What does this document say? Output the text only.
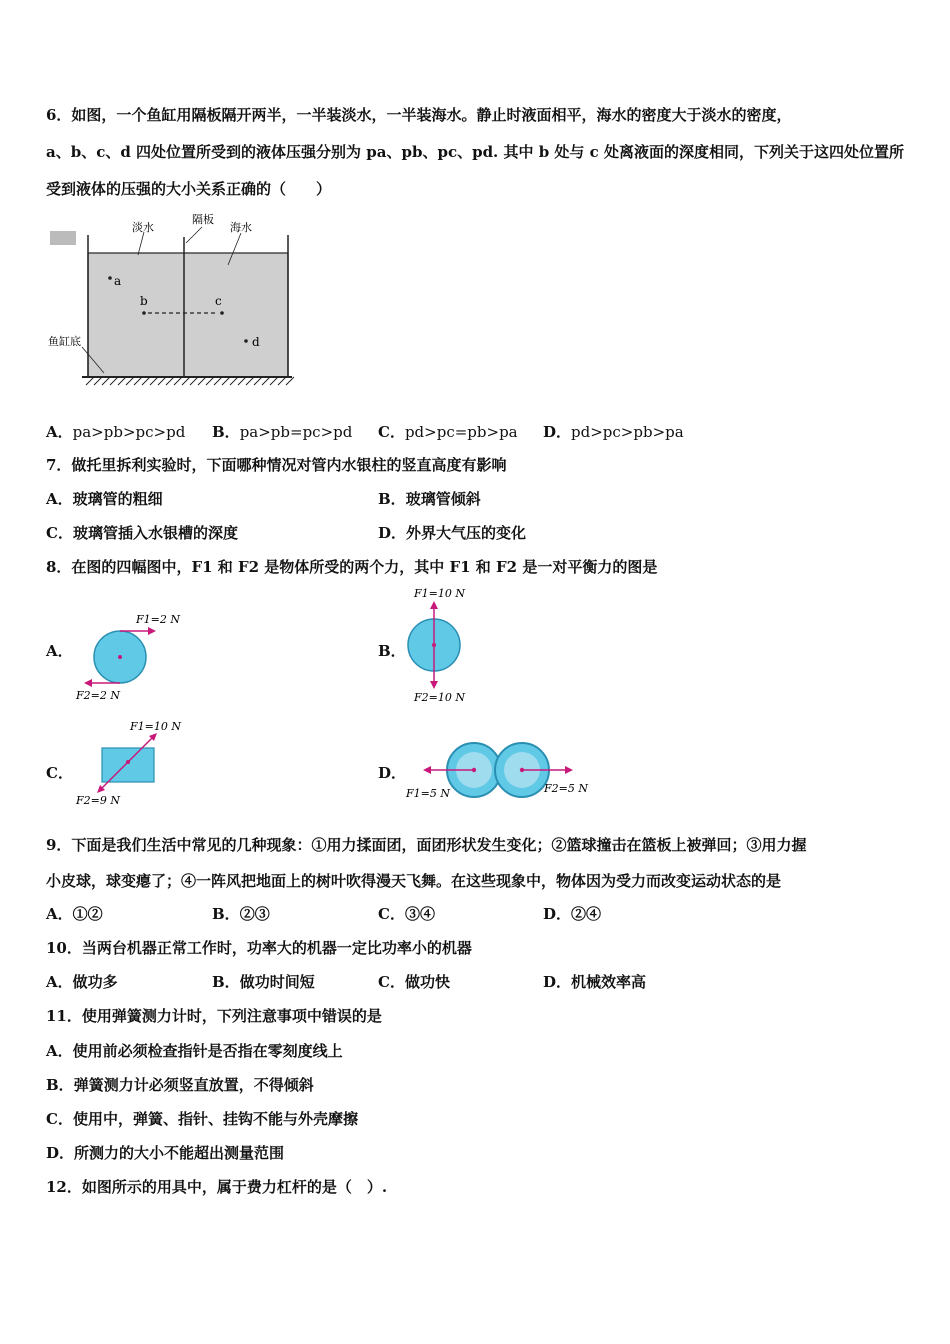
6．如图，一个鱼缸用隔板隔开两半，一半装淡水，一半装海水。静止时液面相平，海水的密度大于淡水的密度，
a、b、c、d 四处位置所受到的液体压强分别为 pa、pb、pc、pd. 其中 b 处与 c 处离液面的深度相同，下列关于这四处位置所
受到液体的压强的大小关系正确的（　　）
淡水
隔板
海水
鱼缸底
a
b	c
d
A．pa>pb>pc>pd B．pa>pb=pc>pd C．pd>pc=pb>pa D．pd>pc>pb>pa
7．做托里拆利实验时，下面哪种情况对管内水银柱的竖直高度有影响
A．玻璃管的粗细	B．玻璃管倾斜
C．玻璃管插入水银槽的深度	D．外界大气压的变化
8．在图的四幅图中，F1 和 F2 是物体所受的两个力，其中 F1 和 F2 是一对平衡力的图是
A．
F1=2 N
F2=2 N
B．
F1=10 N
F2=10 N
C．
F1=10 N
F2=9 N
D．
F1=5 N	F2=5 N
9．下面是我们生活中常见的几种现象：①用力揉面团，面团形状发生变化；②篮球撞击在篮板上被弹回；③用力握
小皮球，球变瘪了；④一阵风把地面上的树叶吹得漫天飞舞。在这些现象中，物体因为受力而改变运动状态的是
A．①②	B．②③	C．③④	D．②④
10．当两台机器正常工作时，功率大的机器一定比功率小的机器
A．做功多	B．做功时间短	C．做功快	D．机械效率高
11．使用弹簧测力计时，下列注意事项中错误的是
A．使用前必须检查指针是否指在零刻度线上
B．弹簧测力计必须竖直放置，不得倾斜
C．使用中，弹簧、指针、挂钩不能与外壳摩擦
D．所测力的大小不能超出测量范围
12．如图所示的用具中，属于费力杠杆的是（　）.
